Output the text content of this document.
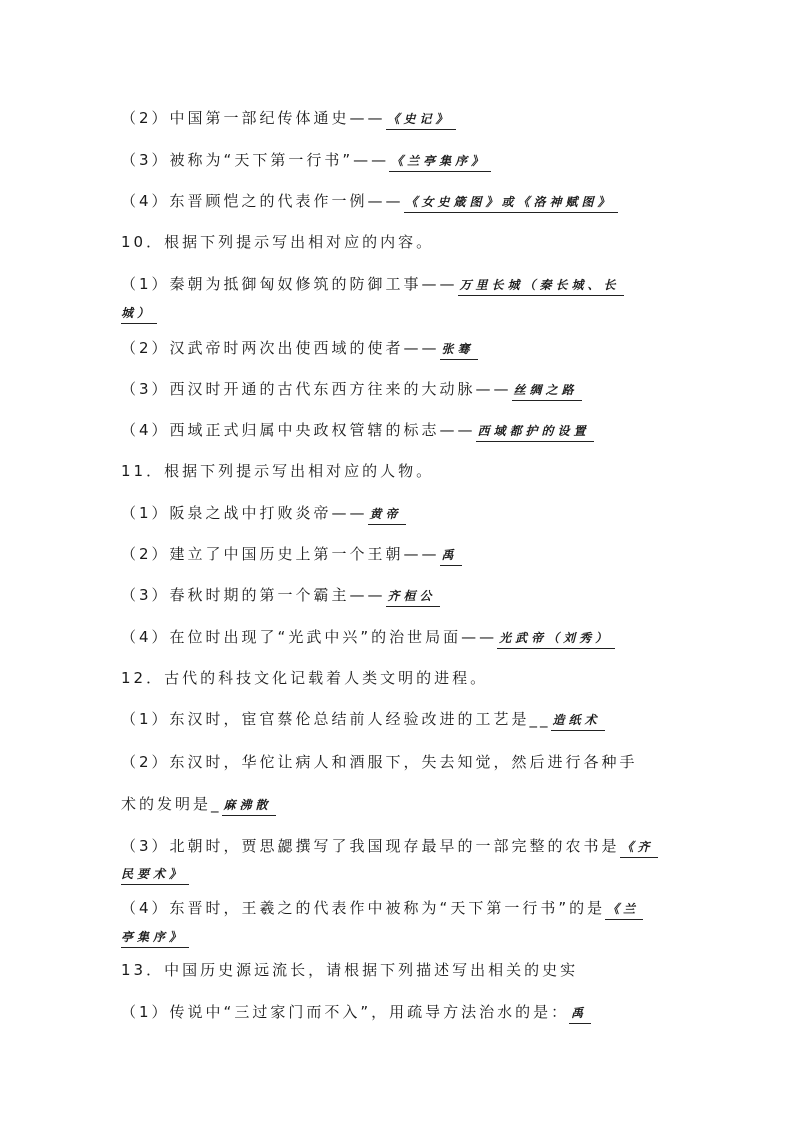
（2）中国第一部纪传体通史—— 《史记》
（3）被称为“天下第一行书”—— 《兰亭集序》
（4）东晋顾恺之的代表作一例—— 《女史箴图》或《洛神赋图》
10．根据下列提示写出相对应的内容。
（1）秦朝为抵御匈奴修筑的防御工事—— 万里长城（秦长城、长
城）
（2）汉武帝时两次出使西域的使者—— 张骞
（3）西汉时开通的古代东西方往来的大动脉—— 丝绸之路
（4）西域正式归属中央政权管辖的标志—— 西域都护的设置
11．根据下列提示写出相对应的人物。
（1）阪泉之战中打败炎帝—— 黄帝
（2）建立了中国历史上第一个王朝—— 禹
（3）春秋时期的第一个霸主—— 齐桓公
（4）在位时出现了“光武中兴”的治世局面—— 光武帝（刘秀）
12．古代的科技文化记载着人类文明的进程。
（1）东汉时，宦官蔡伦总结前人经验改进的工艺是__ 造纸术
（2）东汉时，华佗让病人和酒服下，失去知觉，然后进行各种手
术的发明是_ 麻沸散
（3）北朝时，贾思勰撰写了我国现存最早的一部完整的农书是 《齐
民要术》
（4）东晋时，王羲之的代表作中被称为“天下第一行书”的是 《兰
亭集序》
13．中国历史源远流长，请根据下列描述写出相关的史实
（1）传说中“三过家门而不入”，用疏导方法治水的是： 禹
